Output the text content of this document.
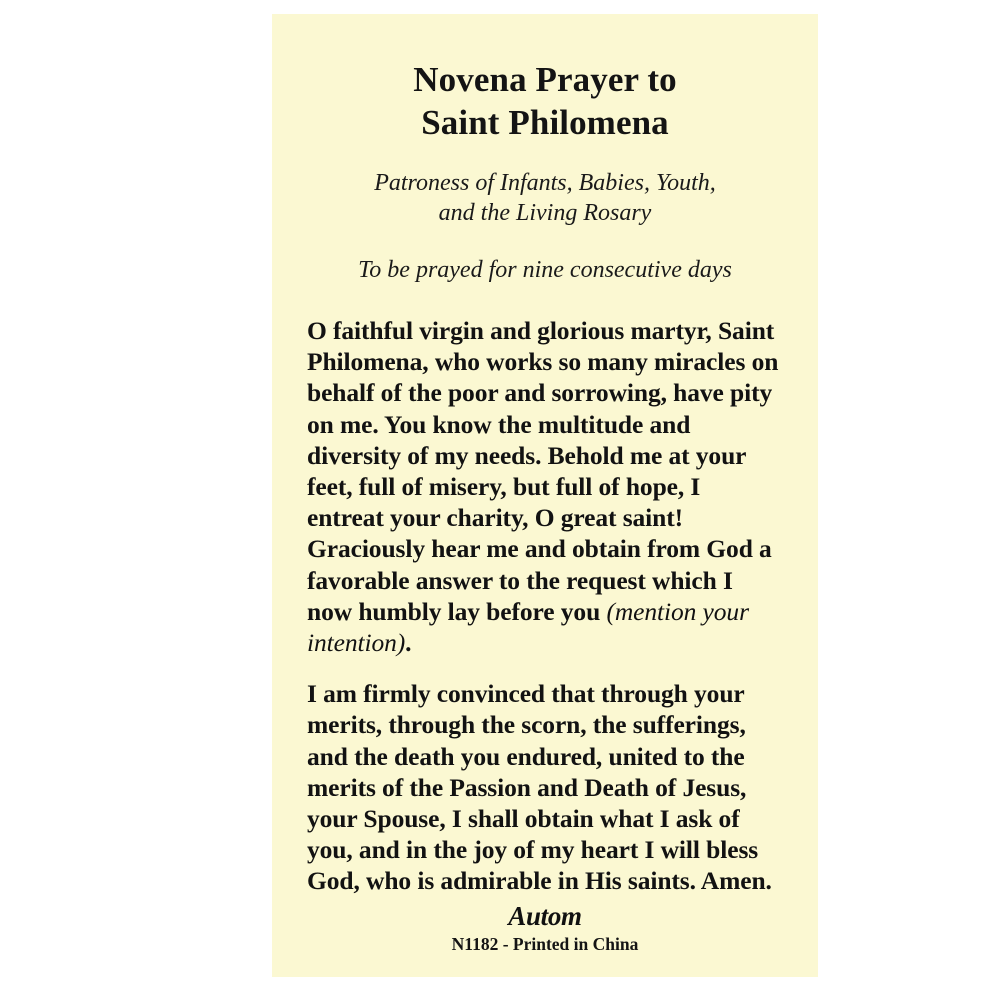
Novena Prayer to
Saint Philomena
Patroness of Infants, Babies, Youth,
and the Living Rosary
To be prayed for nine consecutive days

O faithful virgin and glorious martyr, Saint Philomena, who works so many miracles on behalf of the poor and sorrowing, have pity on me. You know the multitude and diversity of my needs. Behold me at your feet, full of misery, but full of hope, I entreat your charity, O great saint! Graciously hear me and obtain from God a favorable answer to the request which I now humbly lay before you (mention your intention).

I am firmly convinced that through your merits, through the scorn, the sufferings, and the death you endured, united to the merits of the Passion and Death of Jesus, your Spouse, I shall obtain what I ask of you, and in the joy of my heart I will bless God, who is admirable in His saints. Amen.

Autom
N1182 - Printed in China
